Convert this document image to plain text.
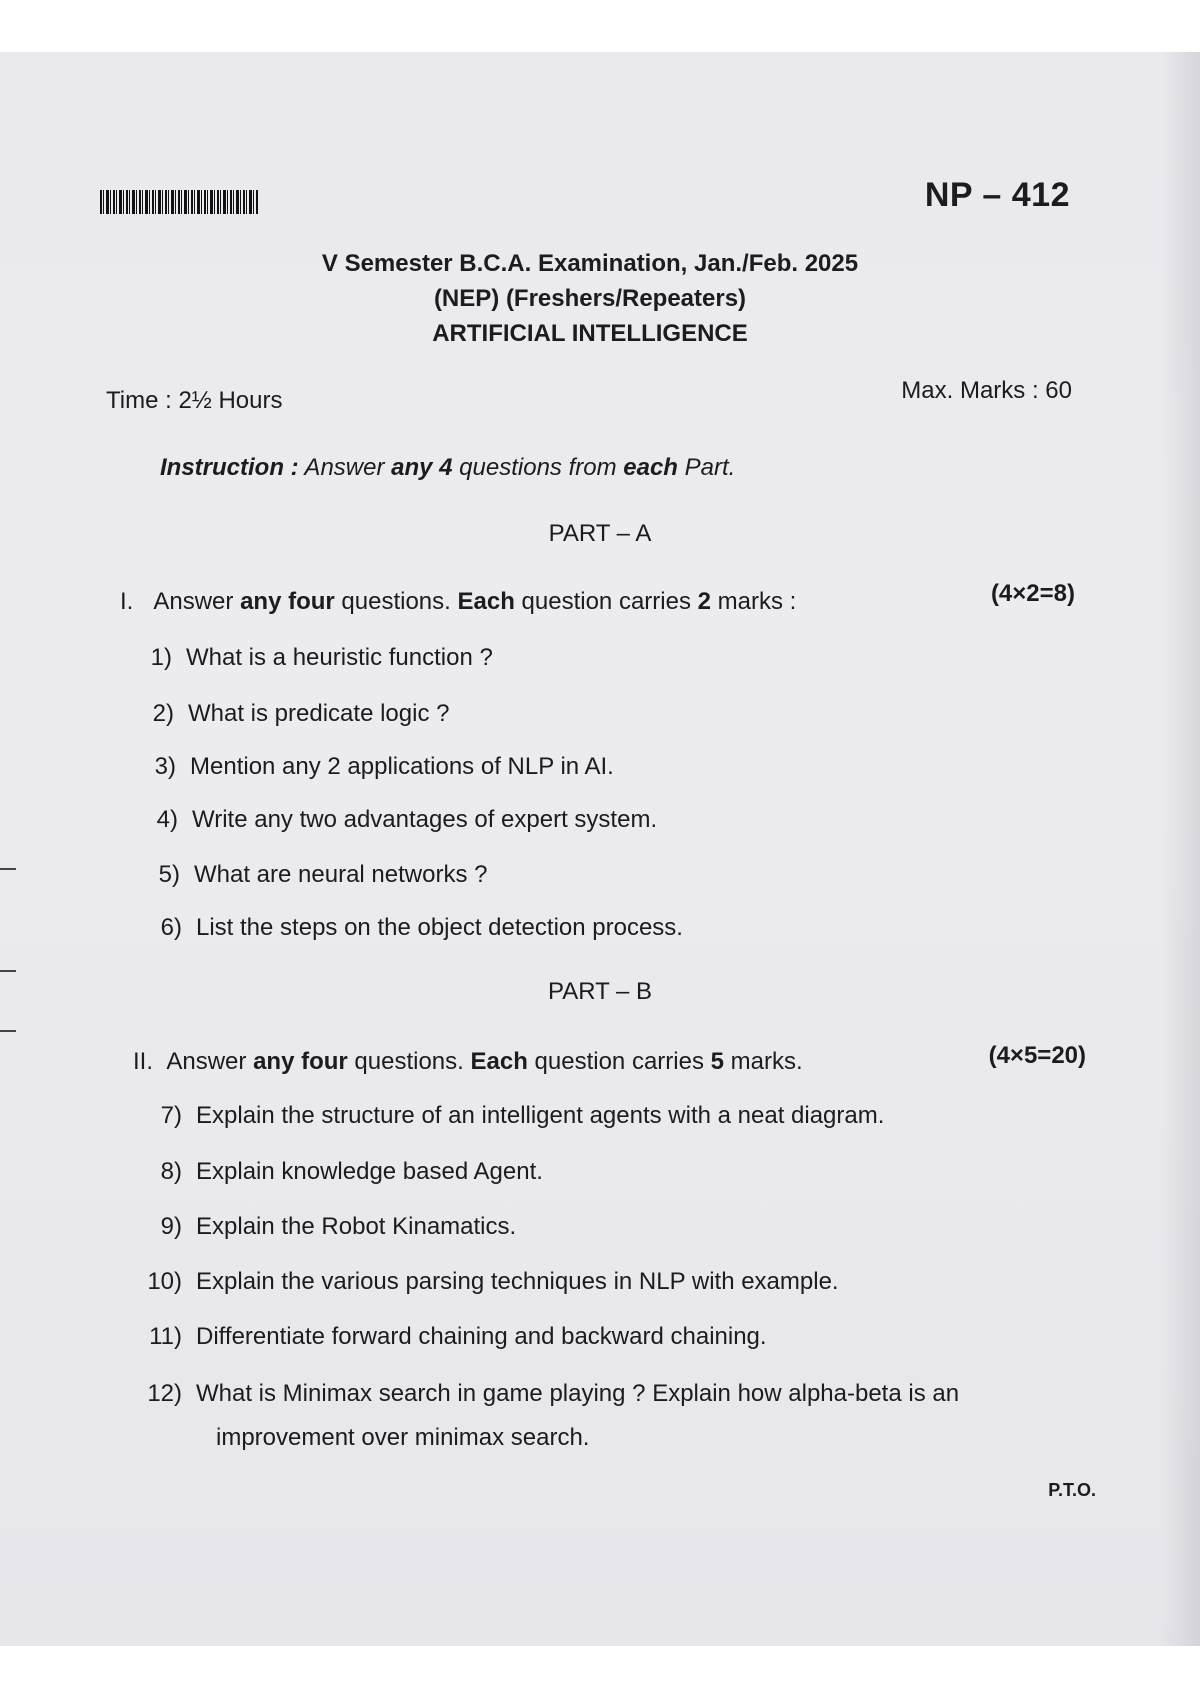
NP – 412
V Semester B.C.A. Examination, Jan./Feb. 2025
(NEP) (Freshers/Repeaters)
ARTIFICIAL INTELLIGENCE
Time : 2½ Hours	Max. Marks : 60
Instruction : Answer any 4 questions from each Part.
PART – A
I. Answer any four questions. Each question carries 2 marks :	(4×2=8)
1) What is a heuristic function ?
2) What is predicate logic ?
3) Mention any 2 applications of NLP in AI.
4) Write any two advantages of expert system.
5) What are neural networks ?
6) List the steps on the object detection process.
PART – B
II. Answer any four questions. Each question carries 5 marks.	(4×5=20)
7) Explain the structure of an intelligent agents with a neat diagram.
8) Explain knowledge based Agent.
9) Explain the Robot Kinamatics.
10) Explain the various parsing techniques in NLP with example.
11) Differentiate forward chaining and backward chaining.
12) What is Minimax search in game playing ? Explain how alpha-beta is an
improvement over minimax search.
P.T.O.
